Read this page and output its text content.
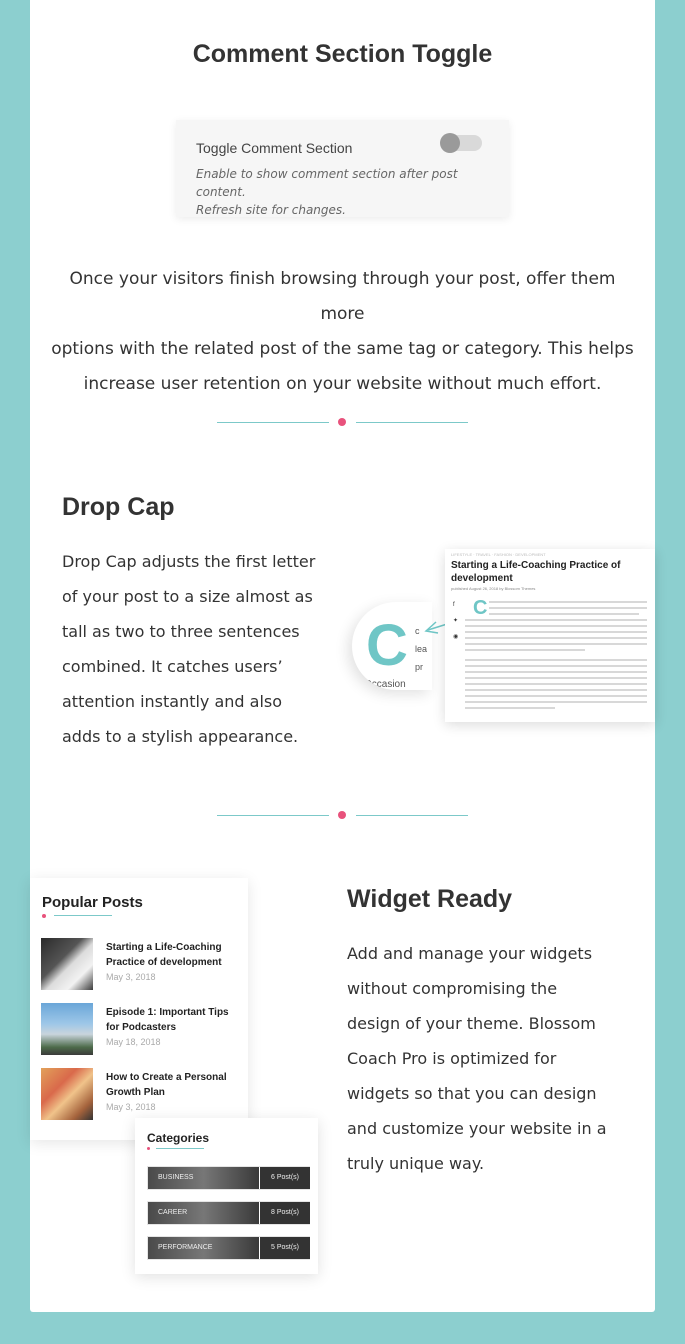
Comment Section Toggle
Toggle Comment Section
Enable to show comment section after post content.
Refresh site for changes.
Once your visitors finish browsing through your post, offer them more
options with the related post of the same tag or category. This helps
increase user retention on your website without much effort.
Drop Cap
Drop Cap adjusts the first letter
of your post to a size almost as
tall as two to three sentences
combined. It catches users’
attention instantly and also
adds to a stylish appearance.
C c
lea
pr
Occasion
LIFESTYLE · TRAVEL · FASHION · DEVELOPMENT
Starting a Life-Coaching Practice of development
published August 26, 2018 by Blossom Themes
f
✦
◉
C
Popular Posts
Starting a Life-Coaching Practice of development
May 3, 2018
Episode 1: Important Tips for Podcasters
May 18, 2018
How to Create a Personal Growth Plan
May 3, 2018
Categories
BUSINESS	6 Post(s)
CAREER	8 Post(s)
PERFORMANCE	5 Post(s)
Widget Ready
Add and manage your widgets
without compromising the
design of your theme. Blossom
Coach Pro is optimized for
widgets so that you can design
and customize your website in a
truly unique way.
